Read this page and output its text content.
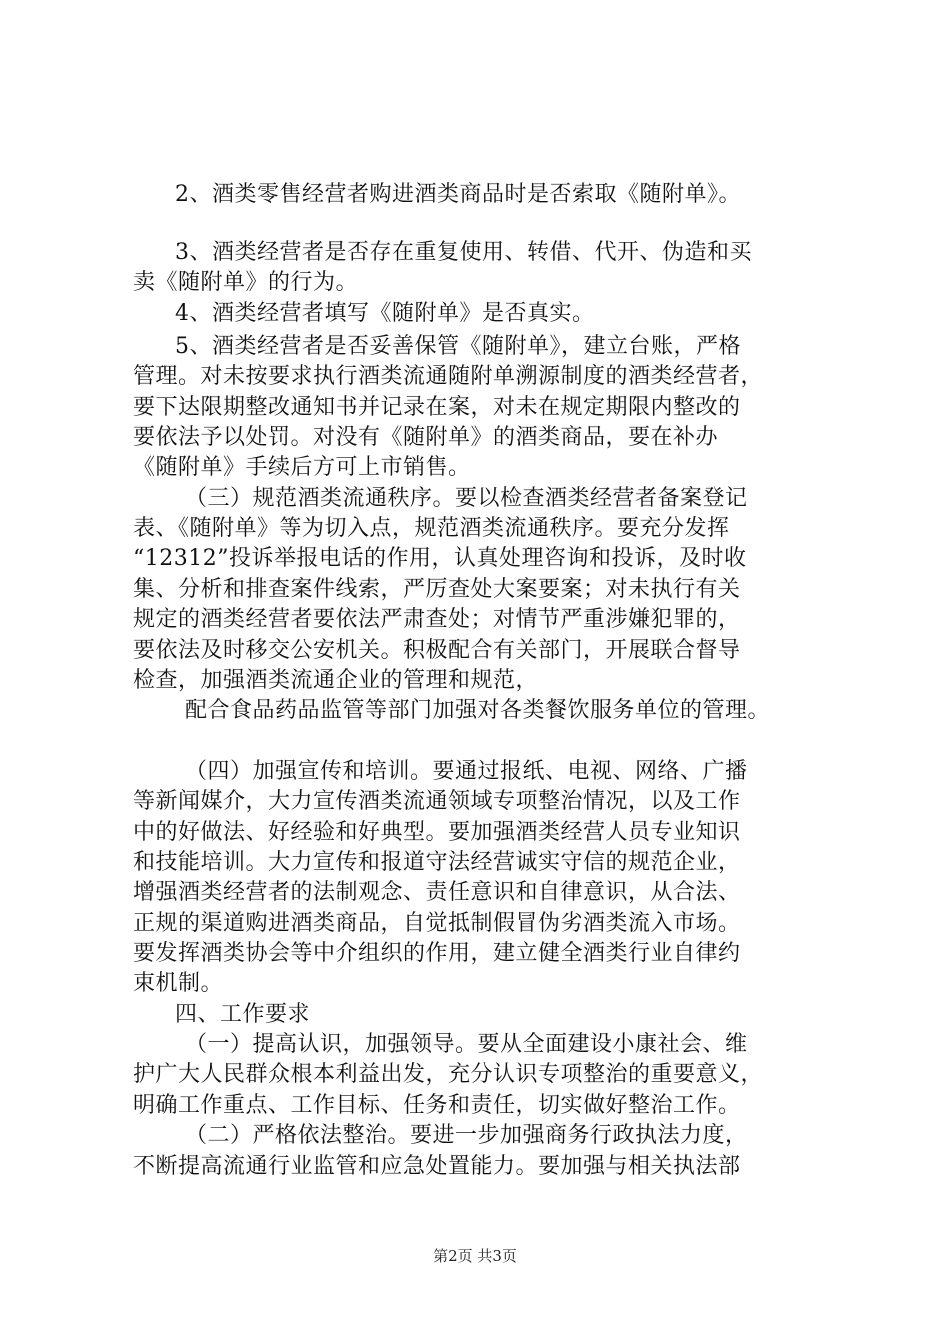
2、酒类零售经营者购进酒类商品时是否索取《随附单》。
3、酒类经营者是否存在重复使用、转借、代开、伪造和买
卖《随附单》的行为。
4、酒类经营者填写《随附单》是否真实。
5、酒类经营者是否妥善保管《随附单》，建立台账，严格
管理。对未按要求执行酒类流通随附单溯源制度的酒类经营者，
要下达限期整改通知书并记录在案，对未在规定期限内整改的
要依法予以处罚。对没有《随附单》的酒类商品，要在补办
《随附单》手续后方可上市销售。
（三）规范酒类流通秩序。要以检查酒类经营者备案登记
表、《随附单》等为切入点，规范酒类流通秩序。要充分发挥
“12312”投诉举报电话的作用，认真处理咨询和投诉，及时收
集、分析和排查案件线索，严厉查处大案要案；对未执行有关
规定的酒类经营者要依法严肃查处；对情节严重涉嫌犯罪的，
要依法及时移交公安机关。积极配合有关部门，开展联合督导
检查，加强酒类流通企业的管理和规范，
配合食品药品监管等部门加强对各类餐饮服务单位的管理。
（四）加强宣传和培训。要通过报纸、电视、网络、广播
等新闻媒介，大力宣传酒类流通领域专项整治情况，以及工作
中的好做法、好经验和好典型。要加强酒类经营人员专业知识
和技能培训。大力宣传和报道守法经营诚实守信的规范企业，
增强酒类经营者的法制观念、责任意识和自律意识，从合法、
正规的渠道购进酒类商品，自觉抵制假冒伪劣酒类流入市场。
要发挥酒类协会等中介组织的作用，建立健全酒类行业自律约
束机制。
四、工作要求
（一）提高认识，加强领导。要从全面建设小康社会、维
护广大人民群众根本利益出发，充分认识专项整治的重要意义，
明确工作重点、工作目标、任务和责任，切实做好整治工作。
（二）严格依法整治。要进一步加强商务行政执法力度，
不断提高流通行业监管和应急处置能力。要加强与相关执法部
第2页 共3页
